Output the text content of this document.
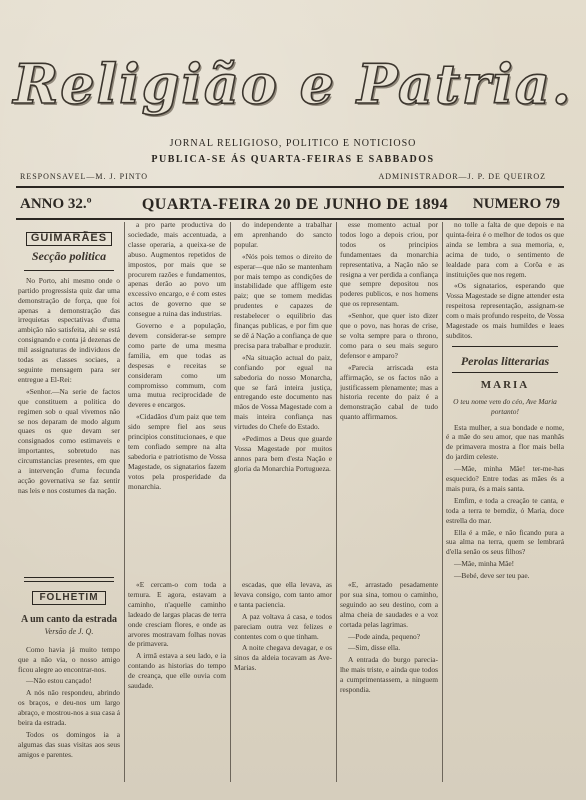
Religião e Patria.
JORNAL RELIGIOSO, POLITICO E NOTICIOSO
PUBLICA-SE ÁS QUARTA-FEIRAS E SABBADOS
RESPONSAVEL—M. J. PINTO	ADMINISTRADOR—J. P. DE QUEIROZ
ANNO 32.º	QUARTA-FEIRA 20 DE JUNHO DE 1894	NUMERO 79
GUIMARÃES
Secção politica

No Porto, ahi mesmo onde o partido progressista quiz dar uma demonstração de força, que foi apenas a demonstração das irrequietas espectativas d'uma ambição não satisfeita, ahi se está consignando e conta já dezenas de mil assignaturas de individuos de todas as classes sociaes, a seguinte mensagem para ser entregue a El-Rei:

«Senhor.—Na serie de factos que constituem a politica do regimen sob o qual vivemos não se nos deparam de modo algum quaes os que devam ser consignados como estimaveis e importantes, sobretudo nas circumstancias presentes, em que a intervenção d'uma fecunda acção governativa se faz sentir nas leis e nos costumes da nação.

FOLHETIM
A um canto da estrada
Versão de J. Q.

Como havia já muito tempo que a não via, o nosso amigo ficou alegre ao encontrar-nos.

—Não estou cançado!

A nós não respondeu, abrindo os braços, e deu-nos um largo abraço, e mostrou-nos a sua casa á beira da estrada.

Todos os domingos ia a algumas das suas visitas aos seus amigos e parentes.

a pro parte productiva do sociedade, mais accentuada, a classe operaria, a queixa-se de abuso. Augmentos repetidos de impostos, por mais que se procurem razões e fundamentos, apenas derão ao povo um excessivo encargo, e é com estes actos de governo que se consegue a ruina das industrias.

Governo e a população, devem considerar-se sempre como parte de uma mesma familia, em que todas as despesas e receitas se consideram como um compromisso commum, com uma mutua reciprocidade de deveres e encargos.

«Cidadãos d'um paiz que tem sido sempre fiel aos seus principios constitucionaes, e que tem confiado sempre na alta sabedoria e patriotismo de Vossa Magestade, os signatarios fazem votos pela prosperidade da monarchia.

«E cercam-o com toda a ternura. E agora, estavam a caminho, n'aquelle caminho ladeado de largas placas de terra onde cresciam flores, e onde as arvores mostravam folhas novas de primavera.

A irmã estava a seu lado, e ia contando as historias do tempo de creança, que elle ouvia com saudade.

do independente a trabalhar em aprenhando do sancto popular.

«Nós pois temos o direito de esperar—que não se mantenham por mais tempo as condições de instabilidade que affligem este paiz; que se tomem medidas prudentes e capazes de restabelecer o equilibrio das finanças publicas, e por fim que se dê á Nação a confiança de que precisa para trabalhar e produzir.

«Na situação actual do paiz, confiando por egual na sabedoria do nosso Monarcha, que se fará inteira justiça, entregando este documento nas mãos de Vossa Magestade com a mais inteira confiança nas virtudes do Chefe do Estado.

«Pedimos a Deus que guarde Vossa Magestade por muitos annos para bem d'esta Nação e gloria da Monarchia Portugueza.

escadas, que ella levava, as levava consigo, com tanto amor e tanta paciencia.

A paz voltava á casa, e todos pareciam outra vez felizes e contentes com o que tinham.

A noite chegava devagar, e os sinos da aldeia tocavam as Ave-Marias.

esse momento actual por todos logo a depois criou, por todos os principios fundamentaes da monarchia representativa, a Nação não se resigna a ver perdida a confiança que sempre depositou nos poderes publicos, e nos homens que os representam.

«Senhor, que quer isto dizer que o povo, nas horas de crise, se volta sempre para o throno, como para o seu mais seguro defensor e amparo?

«Parecia arriscada esta affirmação, se os factos não a justificassem plenamente; mas a historia recente do paiz é a demonstração cabal de tudo quanto affirmamos.

«E, arrastado pesadamente por sua sina, tomou o caminho, seguindo ao seu destino, com a alma cheia de saudades e a voz cortada pelas lagrimas.

—Pode ainda, pequeno?

—Sim, disse ella.

A entrada do burgo parecia-lhe mais triste, e ainda que todos a cumprimentassem, a ninguem respondia.

no tolle a falta de que depois e na quinta-feira é o melhor de todos os que ainda se lembra a sua memoria, e, acima de tudo, o sentimento de lealdade para com a Corôa e as instituições que nos regem.

«Os signatarios, esperando que Vossa Magestade se digne attender esta respeitosa representação, assignam-se com o mais profundo respeito, de Vossa Magestade os mais humildes e leaes subditos.

Perolas litterarias
MARIA
O teu nome vem do céo, Ave Maria portanto!

Esta mulher, a sua bondade e nome, é a mãe do seu amor, que nas manhãs de primavera mostra a flor mais bella do jardim celeste.

—Mãe, minha Mãe! ter-me-has esquecido? Entre todas as mães és a mais pura, és a mais santa.

Emfim, e toda a creação te canta, e toda a terra te bemdiz, ó Maria, doce estrella do mar.

Ella é a mãe, e não ficando pura a sua alma na terra, quem se lembrará d'ella senão os seus filhos?

—Mãe, minha Mãe!

—Bebé, deve ser teu pae.
